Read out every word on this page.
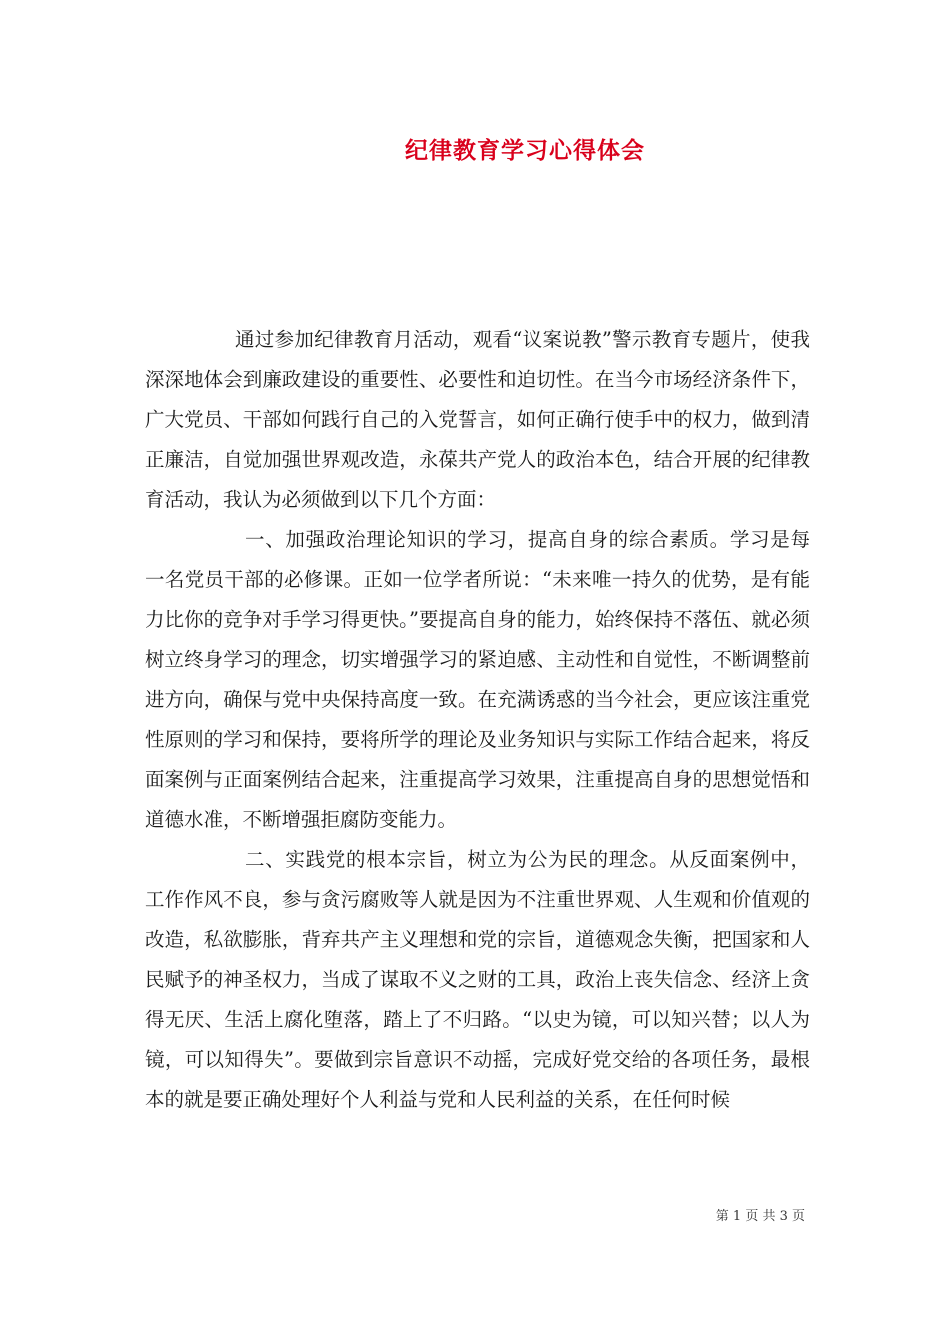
纪律教育学习心得体会

通过参加纪律教育月活动，观看“议案说教”警示教育专题片，使我深深地体会到廉政建设的重要性、必要性和迫切性。在当今市场经济条件下，广大党员、干部如何践行自己的入党誓言，如何正确行使手中的权力，做到清正廉洁，自觉加强世界观改造，永葆共产党人的政治本色，结合开展的纪律教育活动，我认为必须做到以下几个方面：

一、加强政治理论知识的学习，提高自身的综合素质。学习是每一名党员干部的必修课。正如一位学者所说：“未来唯一持久的优势，是有能力比你的竞争对手学习得更快。”要提高自身的能力，始终保持不落伍、就必须树立终身学习的理念，切实增强学习的紧迫感、主动性和自觉性，不断调整前进方向，确保与党中央保持高度一致。在充满诱惑的当今社会，更应该注重党性原则的学习和保持，要将所学的理论及业务知识与实际工作结合起来，将反面案例与正面案例结合起来，注重提高学习效果，注重提高自身的思想觉悟和道德水准，不断增强拒腐防变能力。

二、实践党的根本宗旨，树立为公为民的理念。从反面案例中，工作作风不良，参与贪污腐败等人就是因为不注重世界观、人生观和价值观的改造，私欲膨胀，背弃共产主义理想和党的宗旨，道德观念失衡，把国家和人民赋予的神圣权力，当成了谋取不义之财的工具，政治上丧失信念、经济上贪得无厌、生活上腐化堕落，踏上了不归路。“以史为镜，可以知兴替；以人为镜，可以知得失”。要做到宗旨意识不动摇，完成好党交给的各项任务，最根本的就是要正确处理好个人利益与党和人民利益的关系，在任何时候

第 1 页 共 3 页
